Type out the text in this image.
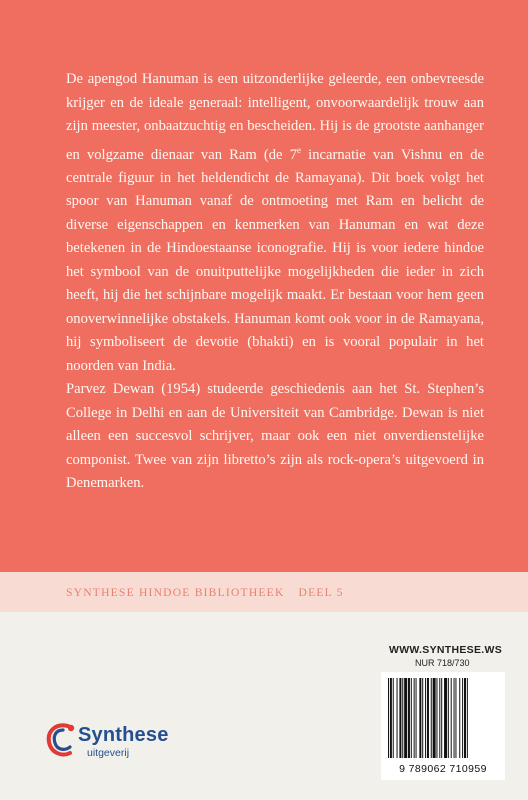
De apengod Hanuman is een uitzonderlijke geleerde, een onbevreesde krijger en de ideale generaal: intelligent, onvoorwaardelijk trouw aan zijn meester, onbaatzuchtig en bescheiden. Hij is de grootste aanhanger en volgzame dienaar van Ram (de 7e incarnatie van Vishnu en de centrale figuur in het heldendicht de Ramayana). Dit boek volgt het spoor van Hanuman vanaf de ontmoeting met Ram en belicht de diverse eigenschappen en kenmerken van Hanuman en wat deze betekenen in de Hindoestaanse iconografie. Hij is voor iedere hindoe het symbool van de onuitputtelijke mogelijkheden die ieder in zich heeft, hij die het schijnbare mogelijk maakt. Er bestaan voor hem geen onoverwinnelijke obstakels. Hanuman komt ook voor in de Ramayana, hij symboliseert de devotie (bhakti) en is vooral populair in het noorden van India.

Parvez Dewan (1954) studeerde geschiedenis aan het St. Stephen’s College in Delhi en aan de Universiteit van Cambridge. Dewan is niet alleen een succesvol schrijver, maar ook een niet onverdienstelijke componist. Twee van zijn libretto’s zijn als rock-opera’s uitgevoerd in Denemarken.

SYNTHESE HINDOE BIBLIOTHEEK DEEL 5
WWW.SYNTHESE.WS
NUR 718/730
Synthese
uitgeverij
9 789062 710959
